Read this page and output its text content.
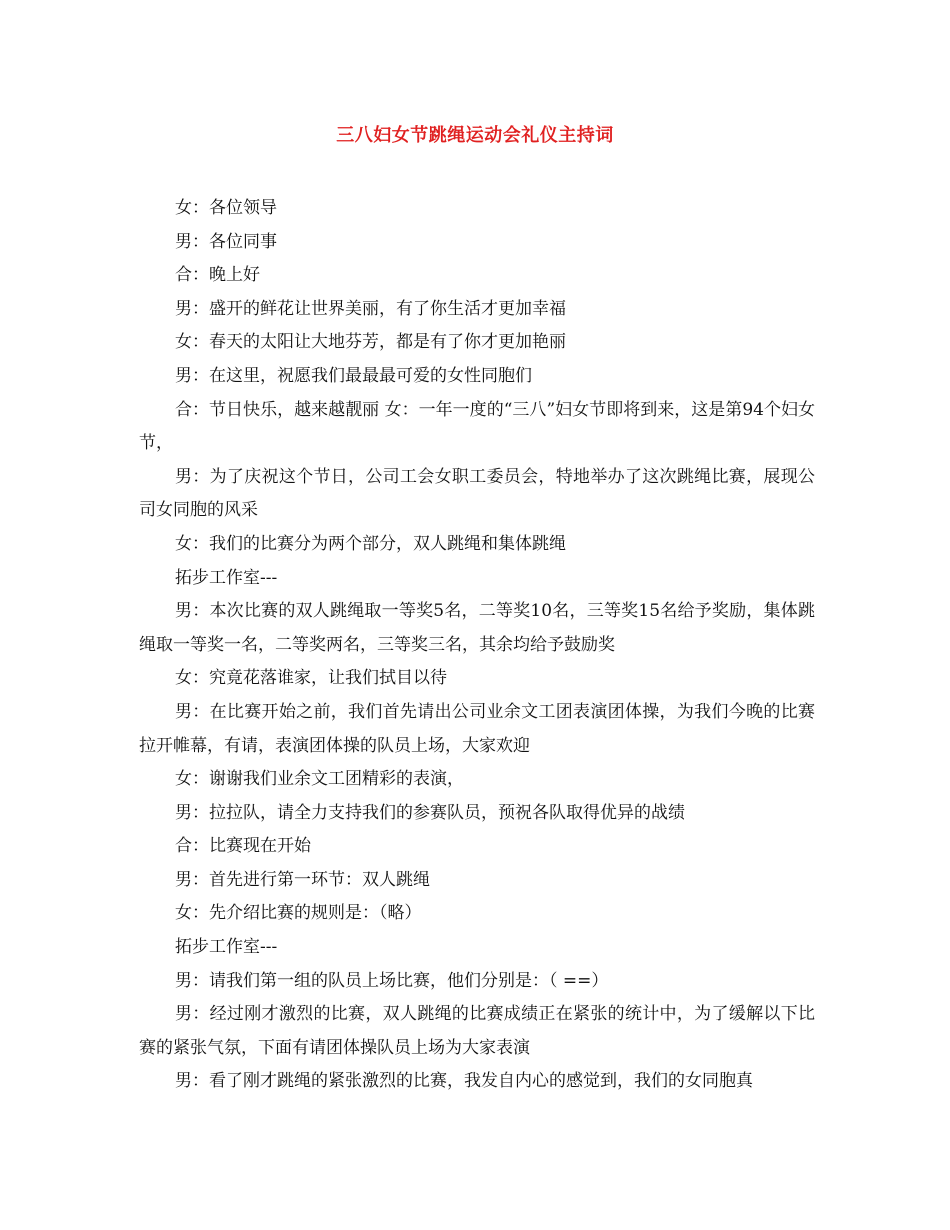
三八妇女节跳绳运动会礼仪主持词

女：各位领导

男：各位同事

合：晚上好

男：盛开的鲜花让世界美丽，有了你生活才更加幸福

女：春天的太阳让大地芬芳，都是有了你才更加艳丽

男：在这里，祝愿我们最最最可爱的女性同胞们

合：节日快乐，越来越靓丽 女：一年一度的“三八”妇女节即将到来，这是第94个妇女节，

男：为了庆祝这个节日，公司工会女职工委员会，特地举办了这次跳绳比赛，展现公司女同胞的风采

女：我们的比赛分为两个部分，双人跳绳和集体跳绳

拓步工作室---

男：本次比赛的双人跳绳取一等奖5名，二等奖10名，三等奖15名给予奖励，集体跳绳取一等奖一名，二等奖两名，三等奖三名，其余均给予鼓励奖

女：究竟花落谁家，让我们拭目以待

男：在比赛开始之前，我们首先请出公司业余文工团表演团体操，为我们今晚的比赛拉开帷幕，有请，表演团体操的队员上场，大家欢迎

女：谢谢我们业余文工团精彩的表演，

男：拉拉队，请全力支持我们的参赛队员，预祝各队取得优异的战绩

合：比赛现在开始

男：首先进行第一环节：双人跳绳

女：先介绍比赛的规则是：（略）

拓步工作室---

男：请我们第一组的队员上场比赛，他们分别是：（ ==）

男：经过刚才激烈的比赛，双人跳绳的比赛成绩正在紧张的统计中，为了缓解以下比赛的紧张气氛，下面有请团体操队员上场为大家表演

男：看了刚才跳绳的紧张激烈的比赛，我发自内心的感觉到，我们的女同胞真
